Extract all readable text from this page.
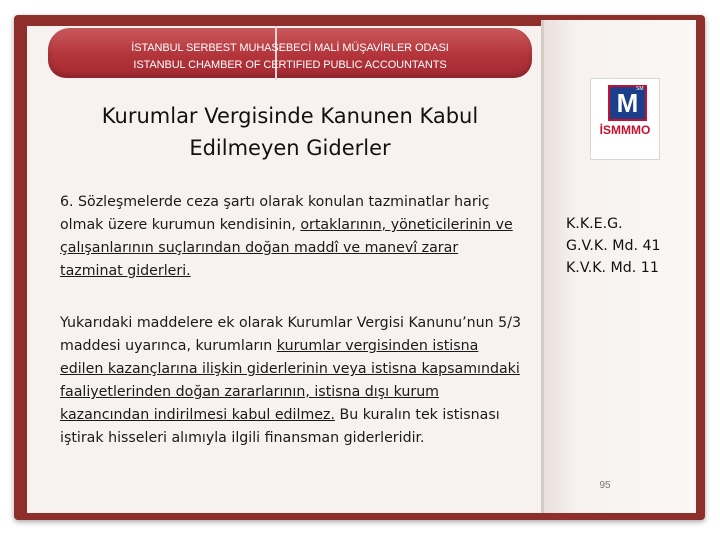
İSTANBUL SERBEST MUHASEBECİ MALİ MÜŞAVİRLER ODASI
ISTANBUL CHAMBER OF CERTIFIED PUBLIC ACCOUNTANTS
M
SM
İSMMMO
Kurumlar Vergisinde Kanunen Kabul Edilmeyen Giderler
6. Sözleşmelerde ceza şartı olarak konulan tazminatlar hariç olmak üzere kurumun kendisinin, ortaklarının, yöneticilerinin ve çalışanlarının suçlarından doğan maddî ve manevî zarar tazminat giderleri.
Yukarıdaki maddelere ek olarak Kurumlar Vergisi Kanunu’nun 5/3 maddesi uyarınca, kurumların kurumlar vergisinden istisna edilen kazançlarına ilişkin giderlerinin veya istisna kapsamındaki faaliyetlerinden doğan zararlarının, istisna dışı kurum kazancından indirilmesi kabul edilmez. Bu kuralın tek istisnası iştirak hisseleri alımıyla ilgili finansman giderleridir.
K.K.E.G.
G.V.K. Md. 41
K.V.K. Md. 11
95
